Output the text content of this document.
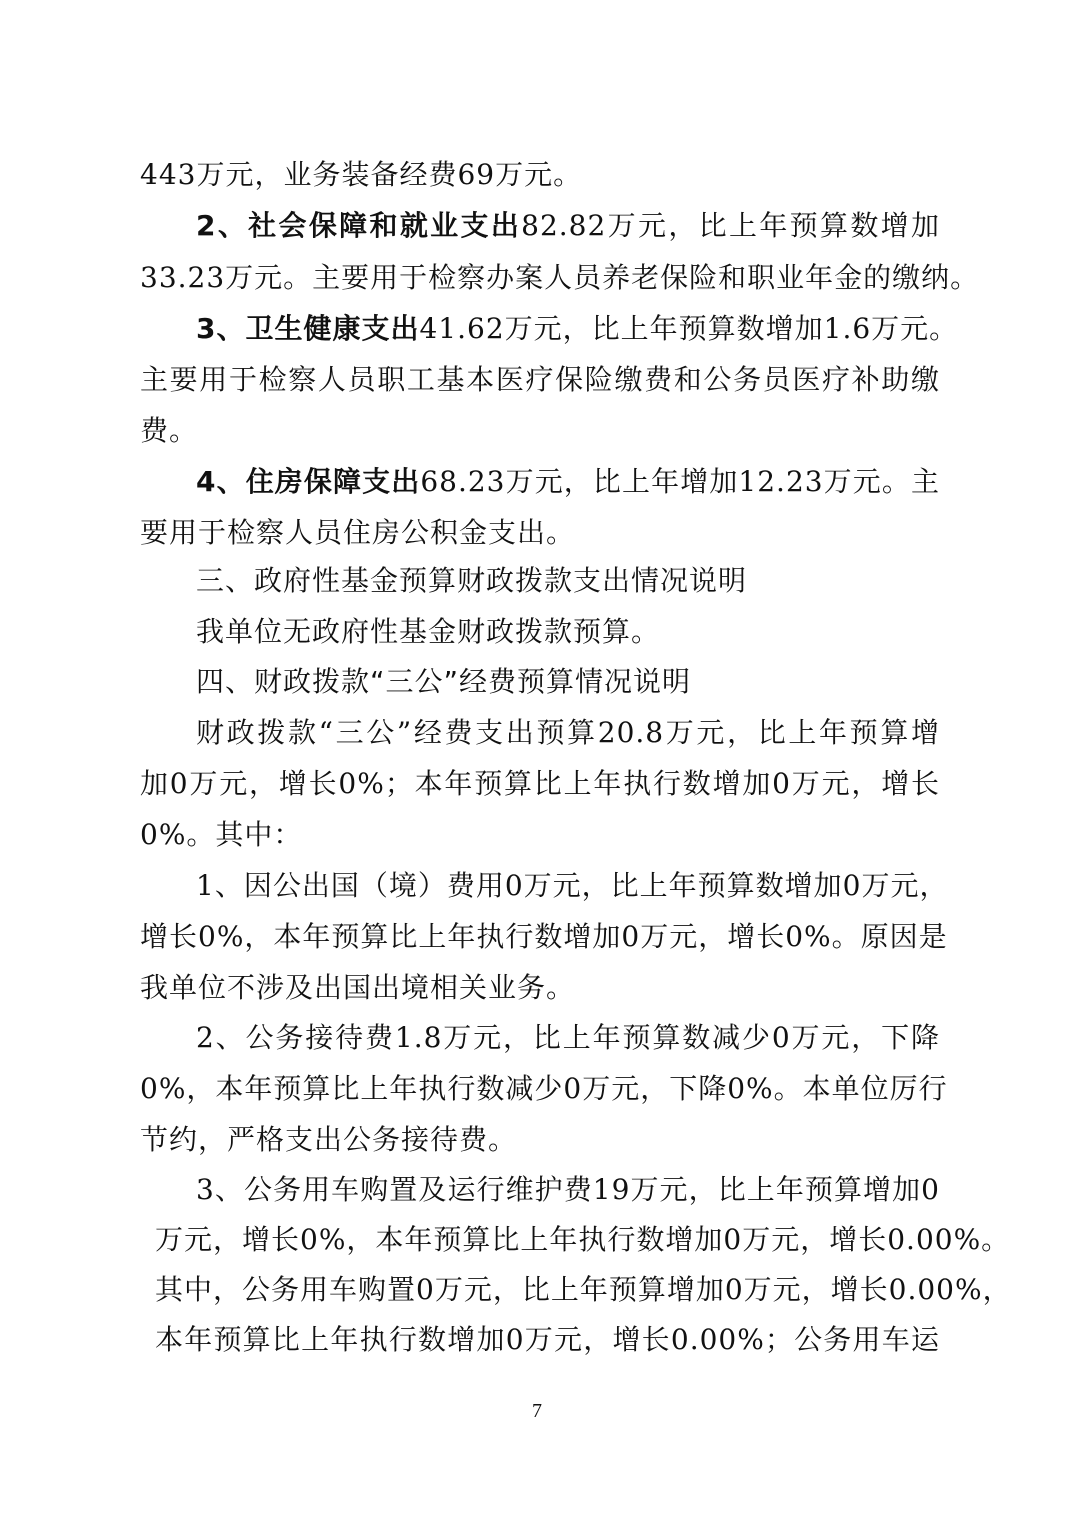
443万元，业务装备经费69万元。
2、社会保障和就业支出82.82万元，比上年预算数增加
33.23万元。主要用于检察办案人员养老保险和职业年金的缴纳。
3、卫生健康支出41.62万元，比上年预算数增加1.6万元。
主要用于检察人员职工基本医疗保险缴费和公务员医疗补助缴
费。
4、住房保障支出68.23万元，比上年增加12.23万元。主
要用于检察人员住房公积金支出。
三、政府性基金预算财政拨款支出情况说明
我单位无政府性基金财政拨款预算。
四、财政拨款“三公”经费预算情况说明
财政拨款“三公”经费支出预算20.8万元，比上年预算增
加0万元，增长0%；本年预算比上年执行数增加0万元，增长
0%。其中：
1、因公出国（境）费用0万元，比上年预算数增加0万元，
增长0%，本年预算比上年执行数增加0万元，增长0%。原因是
我单位不涉及出国出境相关业务。
2、公务接待费1.8万元，比上年预算数减少0万元，下降
0%，本年预算比上年执行数减少0万元，下降0%。本单位厉行
节约，严格支出公务接待费。
3、公务用车购置及运行维护费19万元，比上年预算增加0
万元，增长0%，本年预算比上年执行数增加0万元，增长0.00%。
其中，公务用车购置0万元，比上年预算增加0万元，增长0.00%，
本年预算比上年执行数增加0万元，增长0.00%；公务用车运
7
